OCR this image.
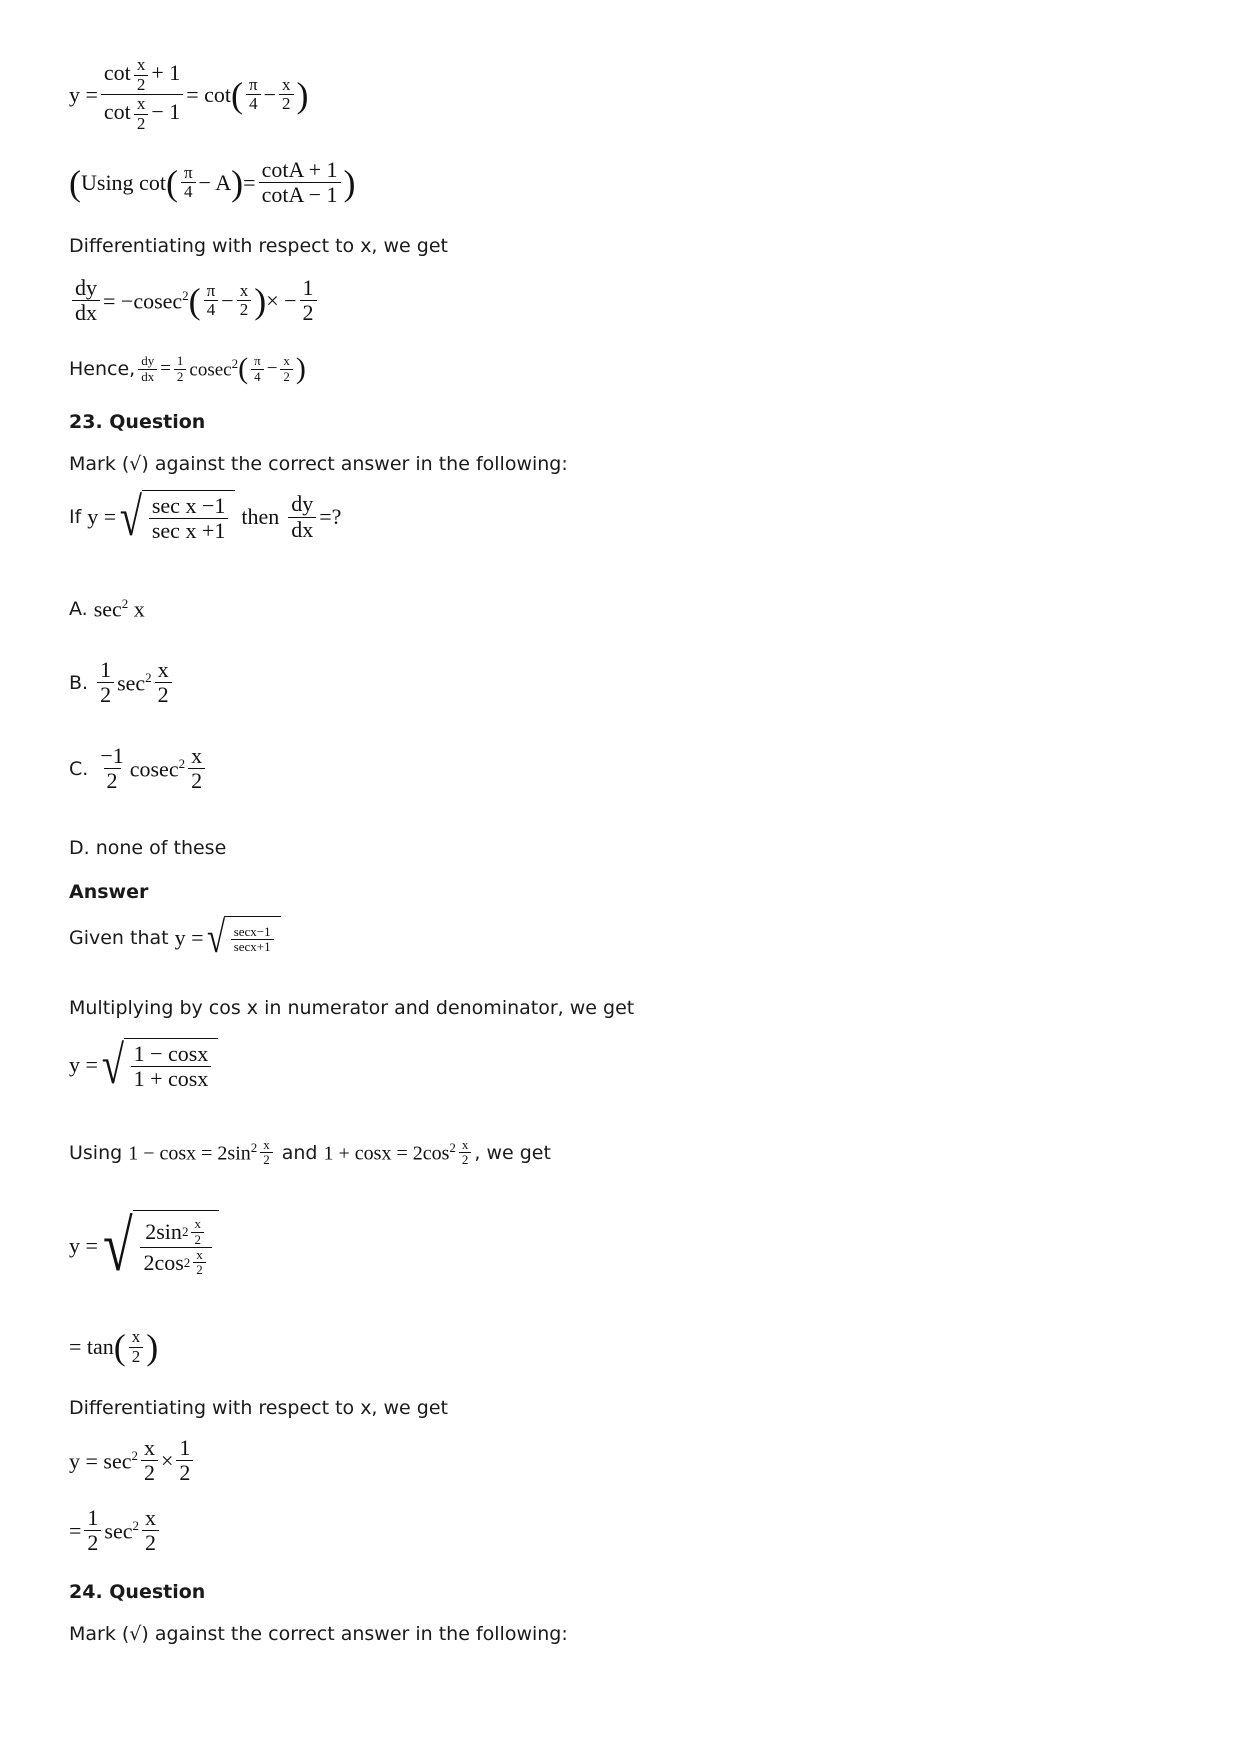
$y = \frac{\cot \frac{x}{2} + 1}{\cot \frac{x}{2} - 1} = \cot$ ( $\frac{\pi}{4} - \frac{x}{2}$ )
( Using cot ( $\frac{\pi}{4} - A$ ) = $\frac{\cot A + 1}{\cot A - 1}$ )
Differentiating with respect to x, we get
$\frac{dy}{dx} = -cosec^2$ ( $\frac{\pi}{4} - \frac{x}{2}$ ) × − $\frac{1}{2}$
Hence, $\frac{dy}{dx} = \frac{1}{2} cosec^2$ ( $\frac{\pi}{4} - \frac{x}{2}$ )
23. Question
Mark (√) against the correct answer in the following:
If y = √ $\frac{\text{sec x −1}}{\text{sec x +1}}$ then $\frac{dy}{dx}$ =?
A. $\sec^2 x$
B. $\frac{1}{2} \sec^2 \frac{x}{2}$
C. $\frac{-1}{2} cosec^2 \frac{x}{2}$
D. none of these
Answer
Given that y = √ $\frac{\sec x-1}{\sec x+1}$
Multiplying by cos x in numerator and denominator, we get
y = √ $\frac{1 - \cos x}{1 + \cos x}$
Using $1 - \cos x = 2\sin^2 \frac{x}{2}$ and $1 + \cos x = 2\cos^2 \frac{x}{2}$ , we get
y = √ $\frac{2\sin 2 \frac{x}{2}}{2\cos 2 \frac{x}{2}}$
= tan ( $\frac{x}{2}$ )
Differentiating with respect to x, we get
$y = \sec^2 \frac{x}{2} \times \frac{1}{2}$
= $\frac{1}{2} \sec^2 \frac{x}{2}$
24. Question
Mark (√) against the correct answer in the following:
